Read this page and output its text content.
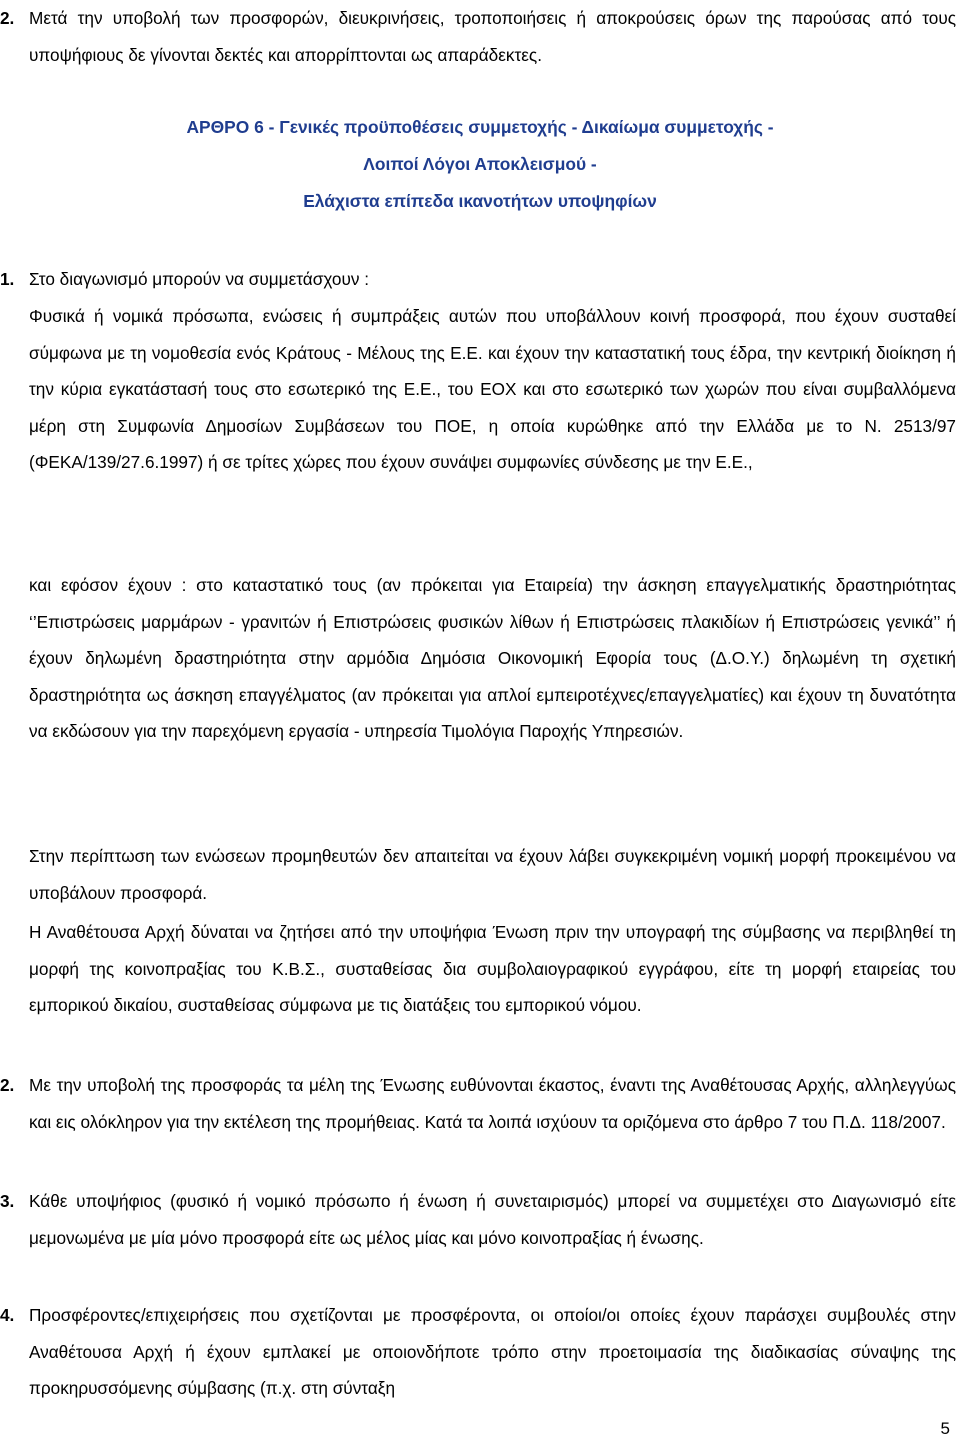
2. Μετά την υποβολή των προσφορών, διευκρινήσεις, τροποποιήσεις ή αποκρούσεις όρων της παρούσας από τους υποψήφιους δε γίνονται δεκτές και απορρίπτονται ως απαράδεκτες.

ΑΡΘΡΟ 6 - Γενικές προϋποθέσεις συμμετοχής - Δικαίωμα συμμετοχής -
Λοιποί Λόγοι Αποκλεισμού -
Ελάχιστα επίπεδα ικανοτήτων υποψηφίων
1. Στο διαγωνισμό μπορούν να συμμετάσχουν :

Φυσικά ή νομικά πρόσωπα, ενώσεις ή συμπράξεις αυτών που υποβάλλουν κοινή προσφορά, που έχουν συσταθεί σύμφωνα με τη νομοθεσία ενός Κράτους - Μέλους της Ε.Ε. και έχουν την καταστατική τους έδρα, την κεντρική διοίκηση ή την κύρια εγκατάστασή τους στο εσωτερικό της Ε.Ε., του ΕΟΧ και στο εσωτερικό των χωρών που είναι συμβαλλόμενα μέρη στη Συμφωνία Δημοσίων Συμβάσεων του ΠΟΕ, η οποία κυρώθηκε από την Ελλάδα με το Ν. 2513/97 (ΦΕΚΑ/139/27.6.1997) ή σε τρίτες χώρες που έχουν συνάψει συμφωνίες σύνδεσης με την Ε.Ε.,

και εφόσον έχουν : στο καταστατικό τους (αν πρόκειται για Εταιρεία) την άσκηση επαγγελματικής δραστηριότητας ‘’Επιστρώσεις μαρμάρων - γρανιτών ή Επιστρώσεις φυσικών λίθων ή Επιστρώσεις πλακιδίων ή Επιστρώσεις γενικά’’ ή έχουν δηλωμένη δραστηριότητα στην αρμόδια Δημόσια Οικονομική Εφορία τους (Δ.Ο.Υ.) δηλωμένη τη σχετική δραστηριότητα ως άσκηση επαγγέλματος (αν πρόκειται για απλοί εμπειροτέχνες/επαγγελματίες) και έχουν τη δυνατότητα να εκδώσουν για την παρεχόμενη εργασία - υπηρεσία Τιμολόγια Παροχής Υπηρεσιών.

Στην περίπτωση των ενώσεων προμηθευτών δεν απαιτείται να έχουν λάβει συγκεκριμένη νομική μορφή προκειμένου να υποβάλουν προσφορά.

Η Αναθέτουσα Αρχή δύναται να ζητήσει από την υποψήφια Ένωση πριν την υπογραφή της σύμβασης να περιβληθεί τη μορφή της κοινοπραξίας του Κ.Β.Σ., συσταθείσας δια συμβολαιογραφικού εγγράφου, είτε τη μορφή εταιρείας του εμπορικού δικαίου, συσταθείσας σύμφωνα με τις διατάξεις του εμπορικού νόμου.

2. Με την υποβολή της προσφοράς τα μέλη της Ένωσης ευθύνονται έκαστος, έναντι της Αναθέτουσας Αρχής, αλληλεγγύως και εις ολόκληρον για την εκτέλεση της προμήθειας. Κατά τα λοιπά ισχύουν τα οριζόμενα στο άρθρο 7 του Π.Δ. 118/2007.

3. Κάθε υποψήφιος (φυσικό ή νομικό πρόσωπο ή ένωση ή συνεταιρισμός) μπορεί να συμμετέχει στο Διαγωνισμό είτε μεμονωμένα με μία μόνο προσφορά είτε ως μέλος μίας και μόνο κοινοπραξίας ή ένωσης.

4. Προσφέροντες/επιχειρήσεις που σχετίζονται με προσφέροντα, οι οποίοι/οι οποίες έχουν παράσχει συμβουλές στην Αναθέτουσα Αρχή ή έχουν εμπλακεί με οποιονδήποτε τρόπο στην προετοιμασία της διαδικασίας σύναψης της προκηρυσσόμενης σύμβασης (π.χ. στη σύνταξη

5
